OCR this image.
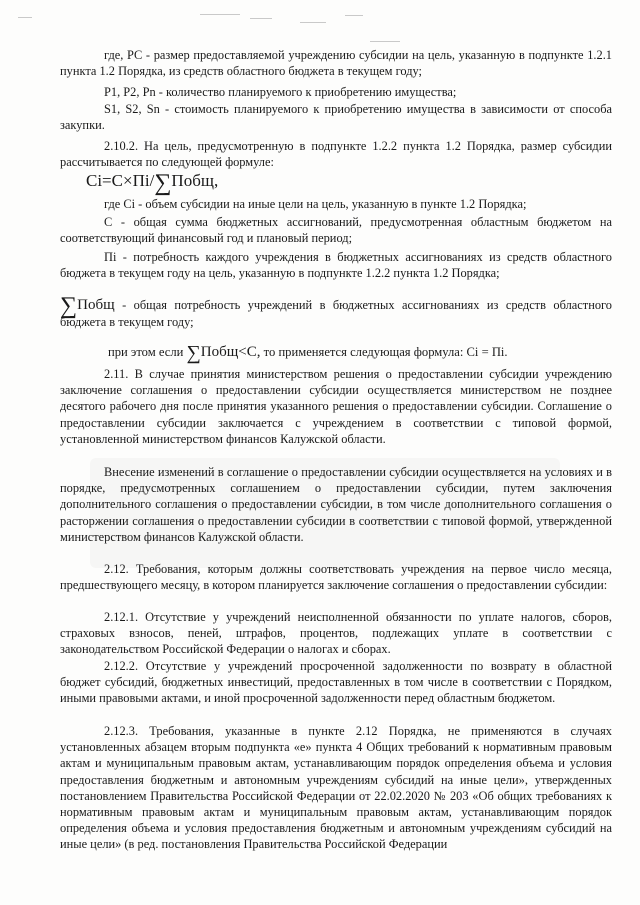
где, PC - размер предоставляемой учреждению субсидии на цель, указанную в подпункте 1.2.1 пункта 1.2 Порядка, из средств областного бюджета в текущем году;

P1, P2, Pn - количество планируемого к приобретению имущества;

S1, S2, Sn - стоимость планируемого к приобретению имущества в зависимости от способа закупки.

2.10.2. На цель, предусмотренную в подпункте 1.2.2 пункта 1.2 Порядка, размер субсидии рассчитывается по следующей формуле:

Ci=C×Пi/∑Побщ,

где Ci - объем субсидии на иные цели на цель, указанную в пункте 1.2 Порядка;

С - общая сумма бюджетных ассигнований, предусмотренная областным бюджетом на соответствующий финансовый год и плановый период;

Пi - потребность каждого учреждения в бюджетных ассигнованиях из средств областного бюджета в текущем году на цель, указанную в подпункте 1.2.2 пункта 1.2 Порядка;

∑Побщ - общая потребность учреждений в бюджетных ассигнованиях из средств областного бюджета в текущем году;

при этом если ∑Побщ<С, то применяется следующая формула: Ci = Пi.

2.11. В случае принятия министерством решения о предоставлении субсидии учреждению заключение соглашения о предоставлении субсидии осуществляется министерством не позднее десятого рабочего дня после принятия указанного решения о предоставлении субсидии. Соглашение о предоставлении субсидии заключается с учреждением в соответствии с типовой формой, установленной министерством финансов Калужской области.

Внесение изменений в соглашение о предоставлении субсидии осуществляется на условиях и в порядке, предусмотренных соглашением о предоставлении субсидии, путем заключения дополнительного соглашения о предоставлении субсидии, в том числе дополнительного соглашения о расторжении соглашения о предоставлении субсидии в соответствии с типовой формой, утвержденной министерством финансов Калужской области.

2.12. Требования, которым должны соответствовать учреждения на первое число месяца, предшествующего месяцу, в котором планируется заключение соглашения о предоставлении субсидии:

2.12.1. Отсутствие у учреждений неисполненной обязанности по уплате налогов, сборов, страховых взносов, пеней, штрафов, процентов, подлежащих уплате в соответствии с законодательством Российской Федерации о налогах и сборах.

2.12.2. Отсутствие у учреждений просроченной задолженности по возврату в областной бюджет субсидий, бюджетных инвестиций, предоставленных в том числе в соответствии с Порядком, иными правовыми актами, и иной просроченной задолженности перед областным бюджетом.

2.12.3. Требования, указанные в пункте 2.12 Порядка, не применяются в случаях установленных абзацем вторым подпункта «е» пункта 4 Общих требований к нормативным правовым актам и муниципальным правовым актам, устанавливающим порядок определения объема и условия предоставления бюджетным и автономным учреждениям субсидий на иные цели», утвержденных постановлением Правительства Российской Федерации от 22.02.2020 № 203 «Об общих требованиях к нормативным правовым актам и муниципальным правовым актам, устанавливающим порядок определения объема и условия предоставления бюджетным и автономным учреждениям субсидий на иные цели» (в ред. постановления Правительства Российской Федерации
